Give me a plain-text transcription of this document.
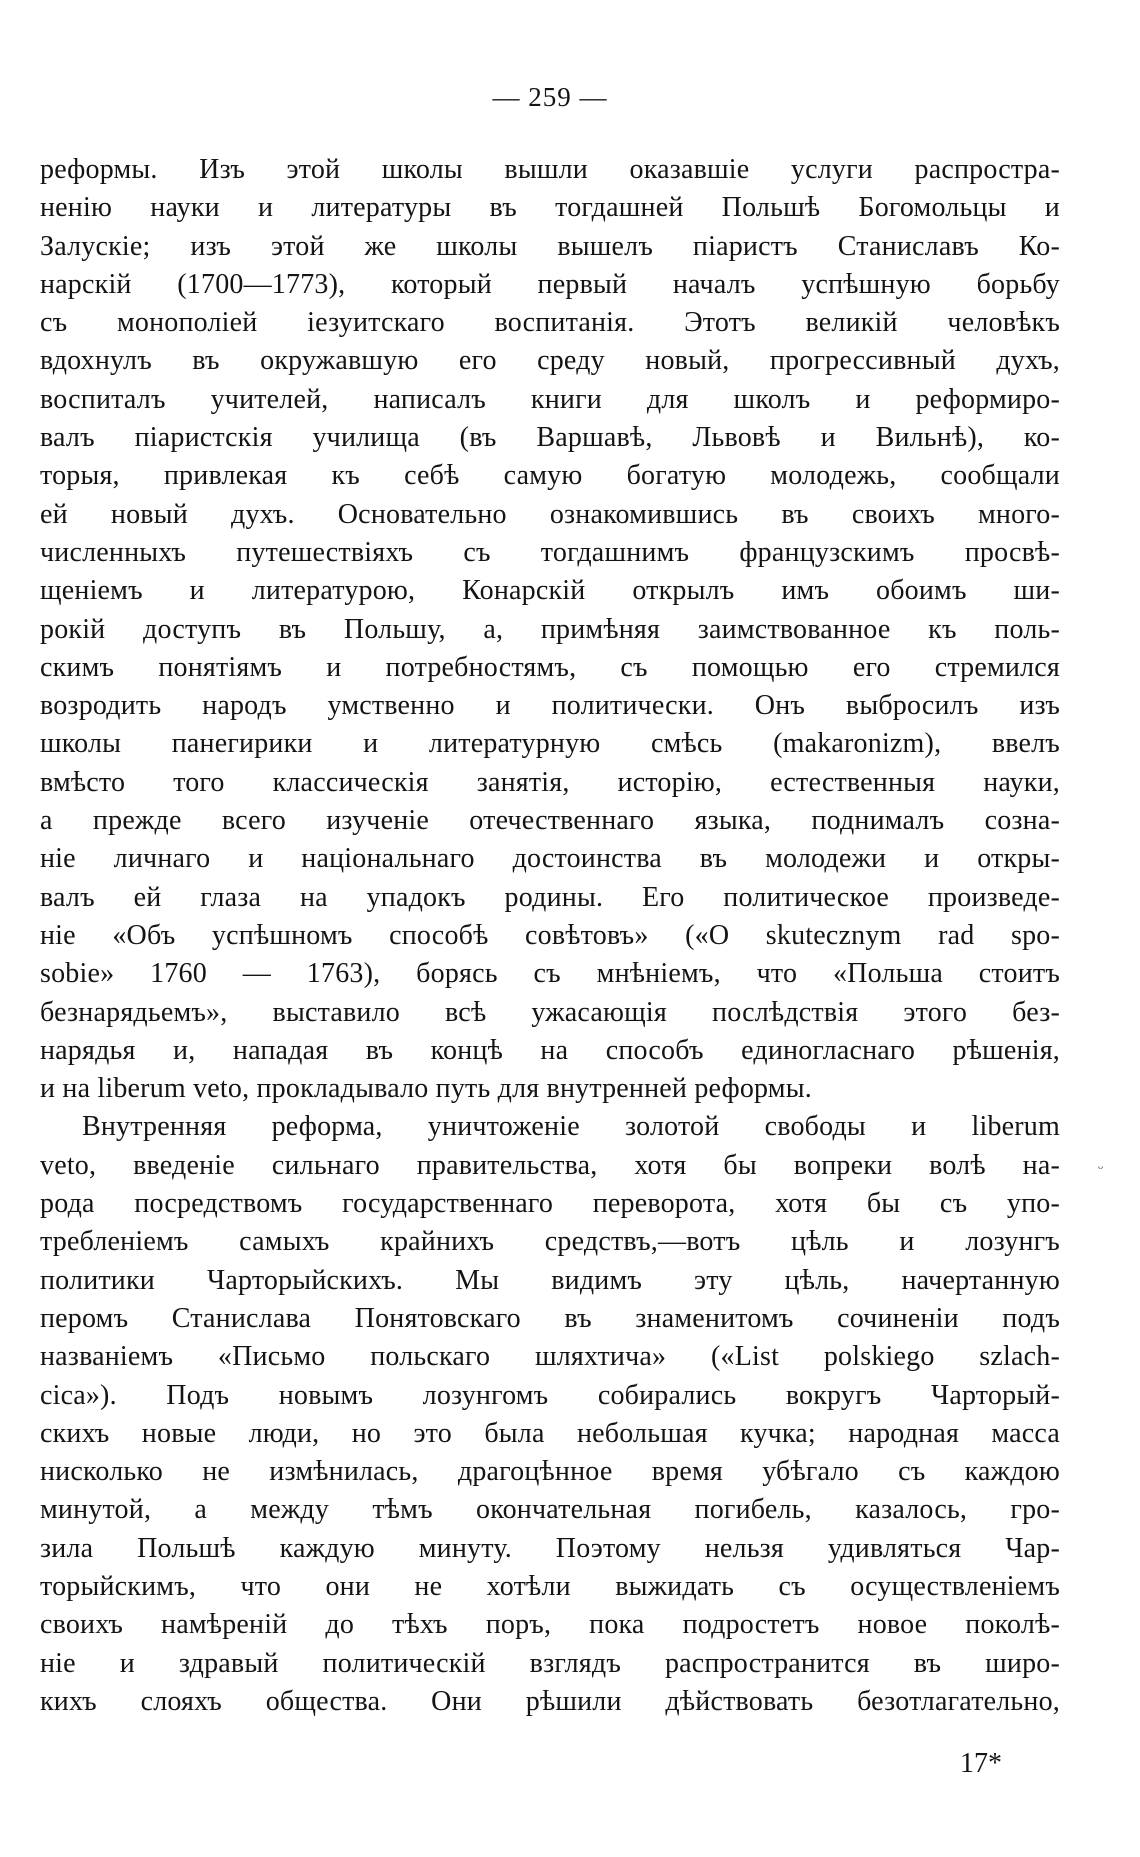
— 259 —
реформы. Изъ этой школы вышли оказавшіе услуги распростра-
ненію науки и литературы въ тогдашней Польшѣ Богомольцы и
Залускіе; изъ этой же школы вышелъ піаристъ Станиславъ Ко-
нарскій (1700—1773), который первый началъ успѣшную борьбу
съ монополіей іезуитскаго воспитанія. Этотъ великій человѣкъ
вдохнулъ въ окружавшую его среду новый, прогрессивный духъ,
воспиталъ учителей, написалъ книги для школъ и реформиро-
валъ піаристскія училища (въ Варшавѣ, Львовѣ и Вильнѣ), ко-
торыя, привлекая къ себѣ самую богатую молодежь, сообщали
ей новый духъ. Основательно ознакомившись въ своихъ много-
численныхъ путешествіяхъ съ тогдашнимъ французскимъ просвѣ-
щеніемъ и литературою, Конарскій открылъ имъ обоимъ ши-
рокій доступъ въ Польшу, а, примѣняя заимствованное къ поль-
скимъ понятіямъ и потребностямъ, съ помощью его стремился
возродить народъ умственно и политически. Онъ выбросилъ изъ
школы панегирики и литературную смѣсь (makaronizm), ввелъ
вмѣсто того классическія занятія, исторію, естественныя науки,
а прежде всего изученіе отечественнаго языка, поднималъ созна-
ніе личнаго и національнаго достоинства въ молодежи и откры-
валъ ей глаза на упадокъ родины. Его политическое произведе-
ніе «Объ успѣшномъ способѣ совѣтовъ» («O skutecznym rad spo-
sobie» 1760 — 1763), борясь съ мнѣніемъ, что «Польша стоитъ
безнарядьемъ», выставило всѣ ужасающія послѣдствія этого без-
нарядья и, нападая въ концѣ на способъ единогласнаго рѣшенія,
и на liberum veto, прокладывало путь для внутренней реформы.
Внутренняя реформа, уничтоженіе золотой свободы и liberum
veto, введеніе сильнаго правительства, хотя бы вопреки волѣ на-
рода посредствомъ государственнаго переворота, хотя бы съ упо-
требленіемъ самыхъ крайнихъ средствъ,—вотъ цѣль и лозунгъ
политики Чарторыйскихъ. Мы видимъ эту цѣль, начертанную
перомъ Станислава Понятовскаго въ знаменитомъ сочиненіи подъ
названіемъ «Письмо польскаго шляхтича» («List polskiego szlach-
cica»). Подъ новымъ лозунгомъ собирались вокругъ Чарторый-
скихъ новые люди, но это была небольшая кучка; народная масса
нисколько не измѣнилась, драгоцѣнное время убѣгало съ каждою
минутой, а между тѣмъ окончательная погибель, казалось, гро-
зила Польшѣ каждую минуту. Поэтому нельзя удивляться Чар-
торыйскимъ, что они не хотѣли выжидать съ осуществленіемъ
своихъ намѣреній до тѣхъ поръ, пока подростетъ новое поколѣ-
ніе и здравый политическій взглядъ распространится въ широ-
кихъ слояхъ общества. Они рѣшили дѣйствовать безотлагательно,
17*
ᵕ
